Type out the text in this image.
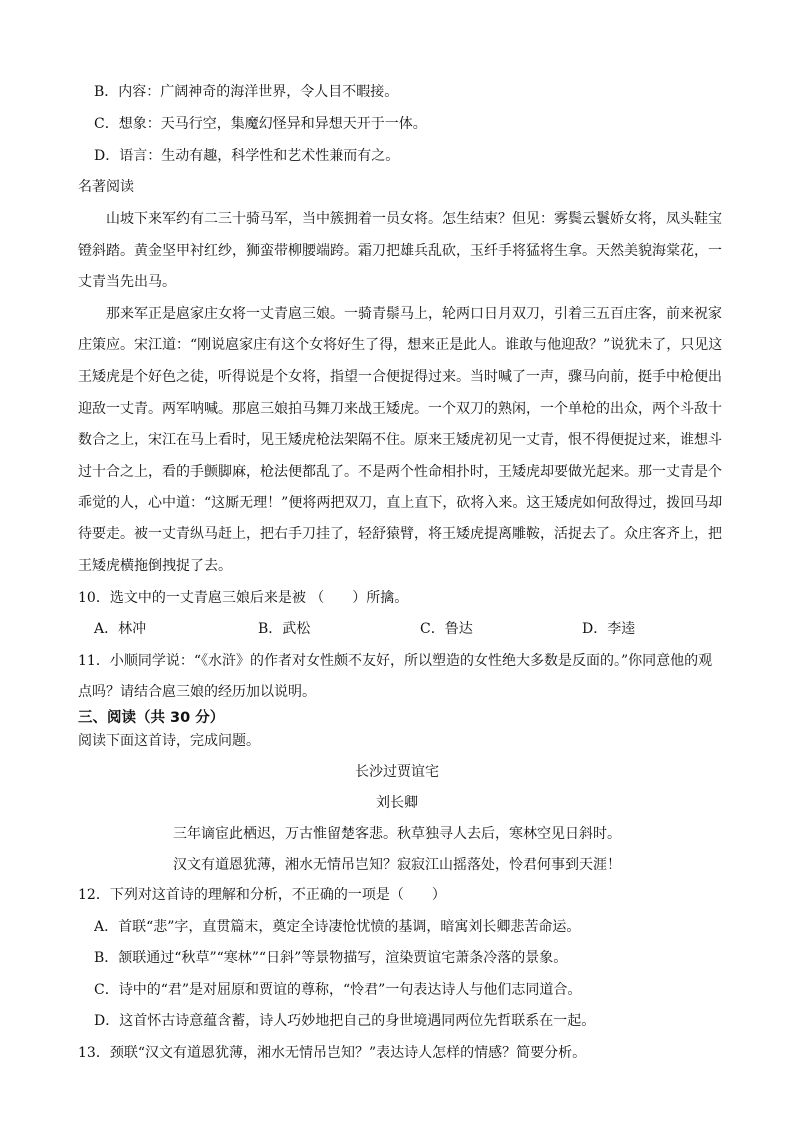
B．内容：广阔神奇的海洋世界，令人目不暇接。
C．想象：天马行空，集魔幻怪异和异想天开于一体。
D．语言：生动有趣，科学性和艺术性兼而有之。
名著阅读
山坡下来军约有二三十骑马军，当中簇拥着一员女将。怎生结束？但见：雾鬓云鬟娇女将，凤头鞋宝
镫斜踏。黄金坚甲衬红纱，狮蛮带柳腰端跨。霜刀把雄兵乱砍，玉纤手将猛将生拿。天然美貌海棠花，一
丈青当先出马。
那来军正是扈家庄女将一丈青扈三娘。一骑青鬃马上，轮两口日月双刀，引着三五百庄客，前来祝家
庄策应。宋江道：“刚说扈家庄有这个女将好生了得，想来正是此人。谁敢与他迎敌？”说犹未了，只见这
王矮虎是个好色之徒，听得说是个女将，指望一合便捉得过来。当时喊了一声，骤马向前，挺手中枪便出
迎敌一丈青。两军呐喊。那扈三娘拍马舞刀来战王矮虎。一个双刀的熟闲，一个单枪的出众，两个斗敌十
数合之上，宋江在马上看时，见王矮虎枪法架隔不住。原来王矮虎初见一丈青，恨不得便捉过来，谁想斗
过十合之上，看的手颤脚麻，枪法便都乱了。不是两个性命相扑时，王矮虎却要做光起来。那一丈青是个
乖觉的人，心中道：“这厮无理！”便将两把双刀，直上直下，砍将入来。这王矮虎如何敌得过，拨回马却
待要走。被一丈青纵马赶上，把右手刀挂了，轻舒猿臂，将王矮虎提离雕鞍，活捉去了。众庄客齐上，把
王矮虎横拖倒拽捉了去。
10．选文中的一丈青扈三娘后来是被 （　　）所擒。
A．林冲	B．武松	C．鲁达	D．李逵
11．小顺同学说：“《水浒》的作者对女性颇不友好，所以塑造的女性绝大多数是反面的。”你同意他的观
点吗？请结合扈三娘的经历加以说明。
三、阅读（共 30 分）
阅读下面这首诗，完成问题。
长沙过贾谊宅
刘长卿
三年谪宦此栖迟，万古惟留楚客悲。秋草独寻人去后，寒林空见日斜时。
汉文有道恩犹薄，湘水无情吊岂知？寂寂江山摇落处，怜君何事到天涯！
12．下列对这首诗的理解和分析，不正确的一项是（　　）
A．首联“悲”字，直贯篇末，奠定全诗凄怆忧愤的基调，暗寓刘长卿悲苦命运。
B．颔联通过“秋草”“寒林”“日斜”等景物描写，渲染贾谊宅萧条冷落的景象。
C．诗中的“君”是对屈原和贾谊的尊称，“怜君”一句表达诗人与他们志同道合。
D．这首怀古诗意蕴含蓄，诗人巧妙地把自己的身世境遇同两位先哲联系在一起。
13．颈联“汉文有道恩犹薄，湘水无情吊岂知？”表达诗人怎样的情感？简要分析。
